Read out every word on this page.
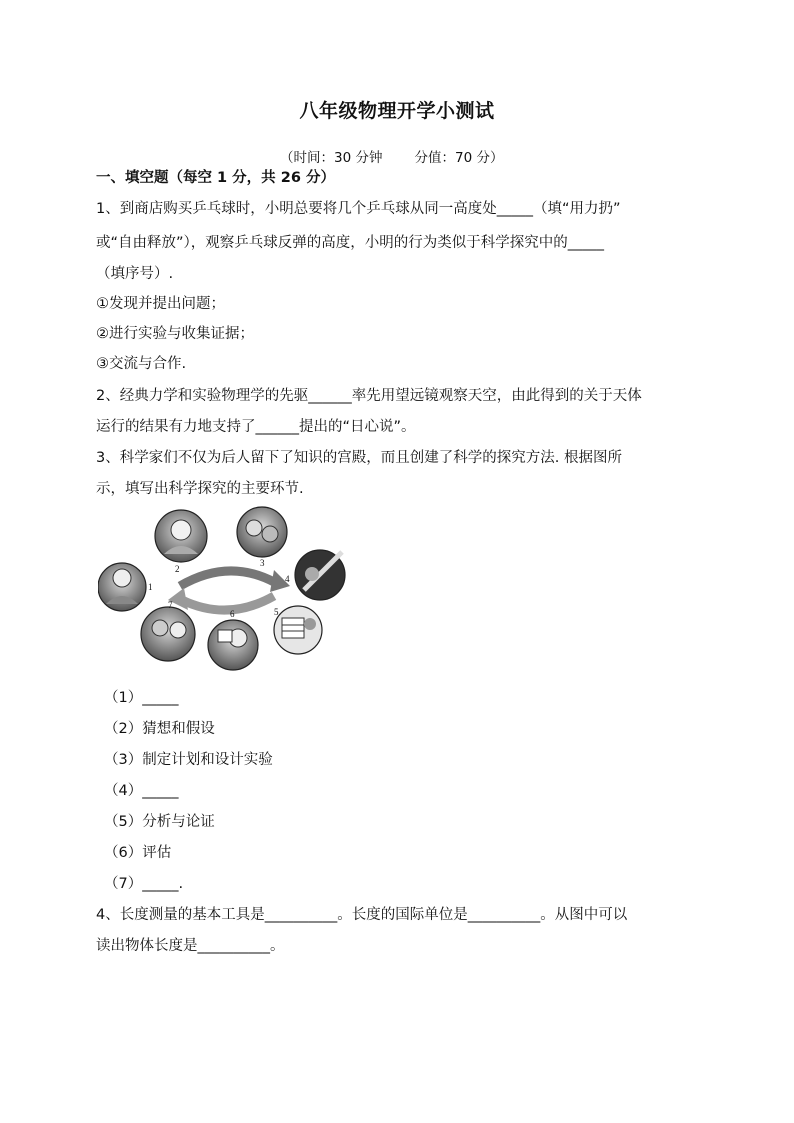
八年级物理开学小测试
（时间：30 分钟 分值：70 分）
一、填空题（每空 1 分，共 26 分）
1、到商店购买乒乓球时，小明总要将几个乒乓球从同一高度处_____（填“用力扔”
或“自由释放”），观察乒乓球反弹的高度，小明的行为类似于科学探究中的_____
（填序号）.
①发现并提出问题；
②进行实验与收集证据；
③交流与合作.
2、经典力学和实验物理学的先驱______率先用望远镜观察天空，由此得到的关于天体
运行的结果有力地支持了______提出的“日心说”。
3、科学家们不仅为后人留下了知识的宫殿，而且创建了科学的探究方法. 根据图所
示，填写出科学探究的主要环节.
1
2
3
4
5
6
7
（1）_____
（2）猜想和假设
（3）制定计划和设计实验
（4）_____
（5）分析与论证
（6）评估
（7）_____.
4、长度测量的基本工具是__________。长度的国际单位是__________。从图中可以
读出物体长度是__________。
